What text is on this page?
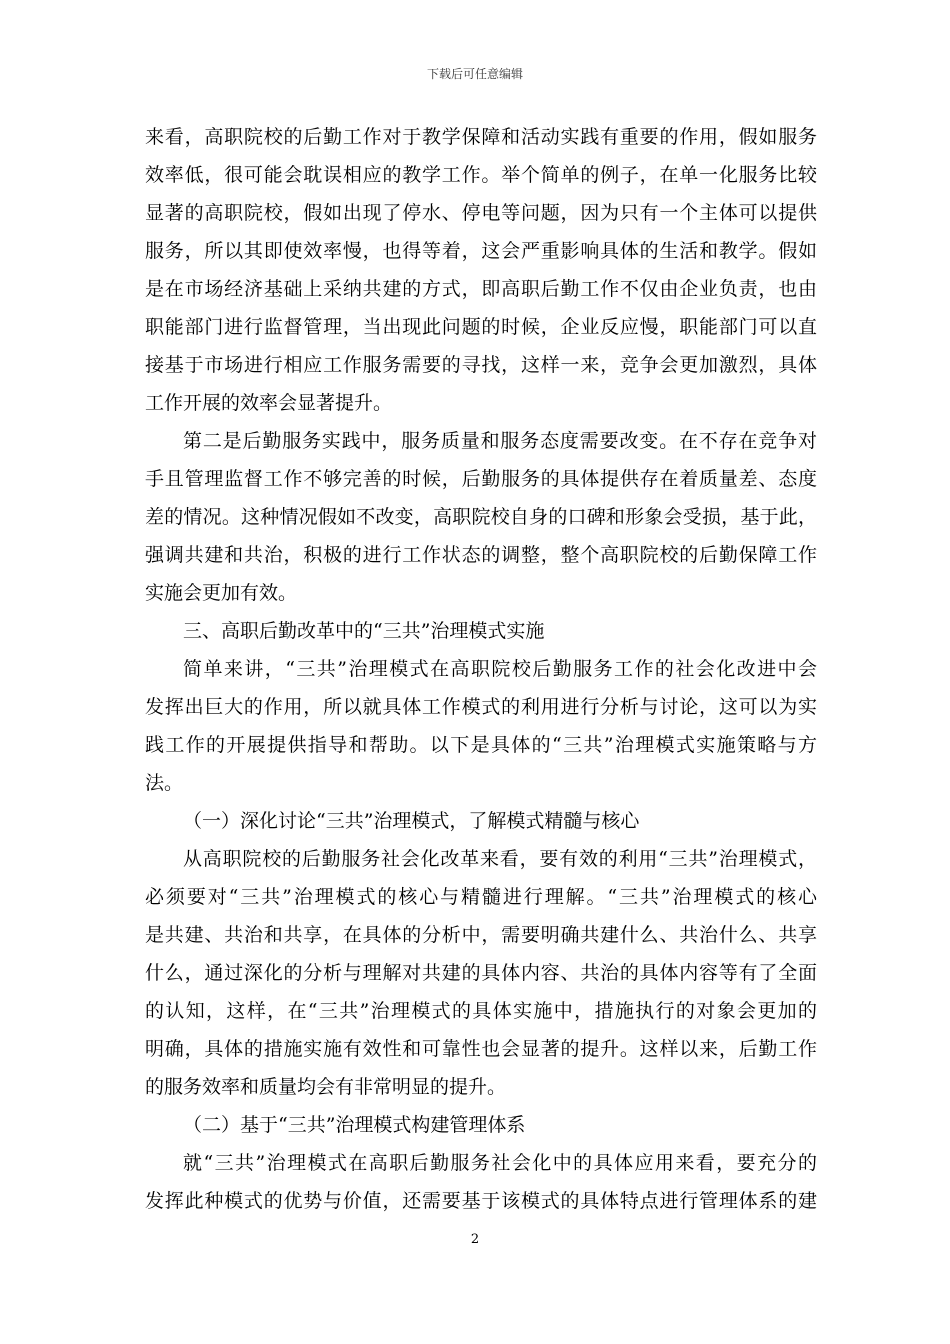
下载后可任意编辑
来看，高职院校的后勤工作对于教学保障和活动实践有重要的作用，假如服务
效率低，很可能会耽误相应的教学工作。举个简单的例子，在单一化服务比较
显著的高职院校，假如出现了停水、停电等问题，因为只有一个主体可以提供
服务，所以其即使效率慢，也得等着，这会严重影响具体的生活和教学。假如
是在市场经济基础上采纳共建的方式，即高职后勤工作不仅由企业负责，也由
职能部门进行监督管理，当出现此问题的时候，企业反应慢，职能部门可以直
接基于市场进行相应工作服务需要的寻找，这样一来，竞争会更加激烈，具体
工作开展的效率会显著提升。
第二是后勤服务实践中，服务质量和服务态度需要改变。在不存在竞争对
手且管理监督工作不够完善的时候，后勤服务的具体提供存在着质量差、态度
差的情况。这种情况假如不改变，高职院校自身的口碑和形象会受损，基于此，
强调共建和共治，积极的进行工作状态的调整，整个高职院校的后勤保障工作
实施会更加有效。
三、高职后勤改革中的“三共”治理模式实施
简单来讲，“三共”治理模式在高职院校后勤服务工作的社会化改进中会
发挥出巨大的作用，所以就具体工作模式的利用进行分析与讨论，这可以为实
践工作的开展提供指导和帮助。以下是具体的“三共”治理模式实施策略与方
法。
（一）深化讨论“三共”治理模式，了解模式精髓与核心
从高职院校的后勤服务社会化改革来看，要有效的利用“三共”治理模式，
必须要对“三共”治理模式的核心与精髓进行理解。“三共”治理模式的核心
是共建、共治和共享，在具体的分析中，需要明确共建什么、共治什么、共享
什么，通过深化的分析与理解对共建的具体内容、共治的具体内容等有了全面
的认知，这样，在“三共”治理模式的具体实施中，措施执行的对象会更加的
明确，具体的措施实施有效性和可靠性也会显著的提升。这样以来，后勤工作
的服务效率和质量均会有非常明显的提升。
（二）基于“三共”治理模式构建管理体系
就“三共”治理模式在高职后勤服务社会化中的具体应用来看，要充分的
发挥此种模式的优势与价值，还需要基于该模式的具体特点进行管理体系的建
2
